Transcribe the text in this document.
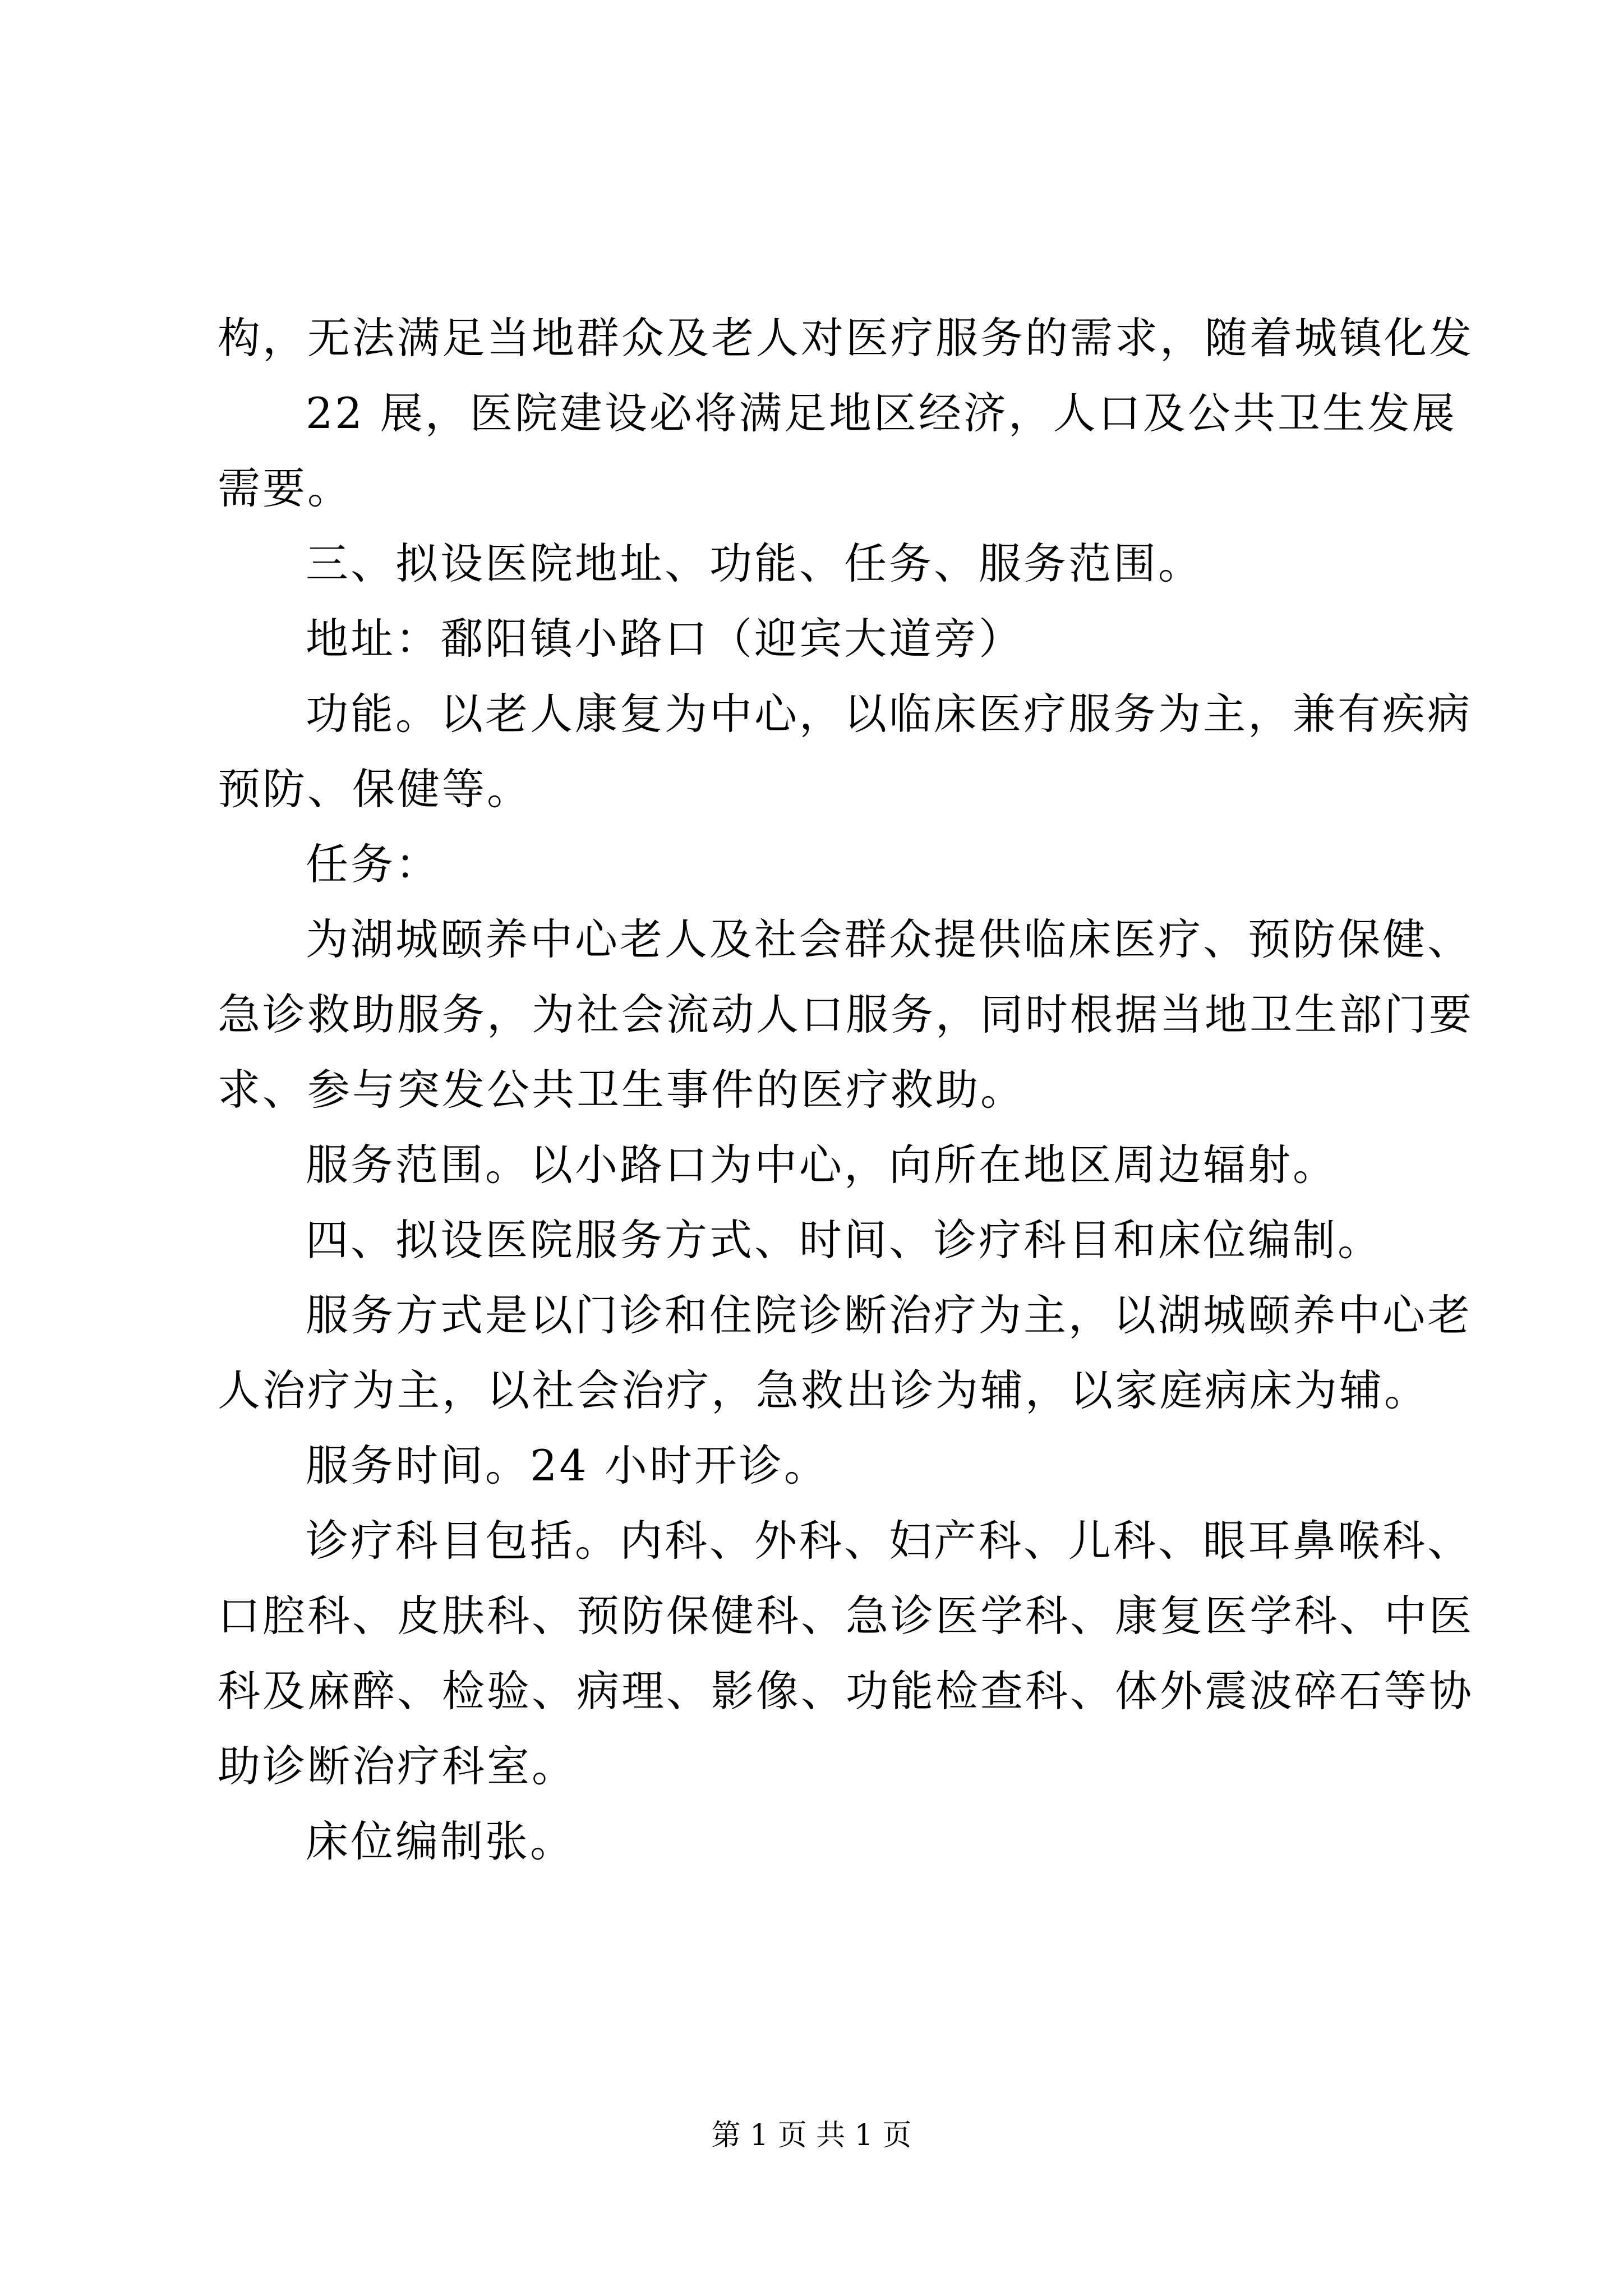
构，无法满足当地群众及老人对医疗服务的需求，随着城镇化发
22 展，医院建设必将满足地区经济，人口及公共卫生发展
需要。
三、拟设医院地址、功能、任务、服务范围。
地址：鄱阳镇小路口（迎宾大道旁）
功能。以老人康复为中心，以临床医疗服务为主，兼有疾病
预防、保健等。
任务：
为湖城颐养中心老人及社会群众提供临床医疗、预防保健、
急诊救助服务，为社会流动人口服务，同时根据当地卫生部门要
求、参与突发公共卫生事件的医疗救助。
服务范围。以小路口为中心，向所在地区周边辐射。
四、拟设医院服务方式、时间、诊疗科目和床位编制。
服务方式是以门诊和住院诊断治疗为主，以湖城颐养中心老
人治疗为主，以社会治疗，急救出诊为辅，以家庭病床为辅。
服务时间。24 小时开诊。
诊疗科目包括。内科、外科、妇产科、儿科、眼耳鼻喉科、
口腔科、皮肤科、预防保健科、急诊医学科、康复医学科、中医
科及麻醉、检验、病理、影像、功能检查科、体外震波碎石等协
助诊断治疗科室。
床位编制张。
第 1 页 共 1 页
